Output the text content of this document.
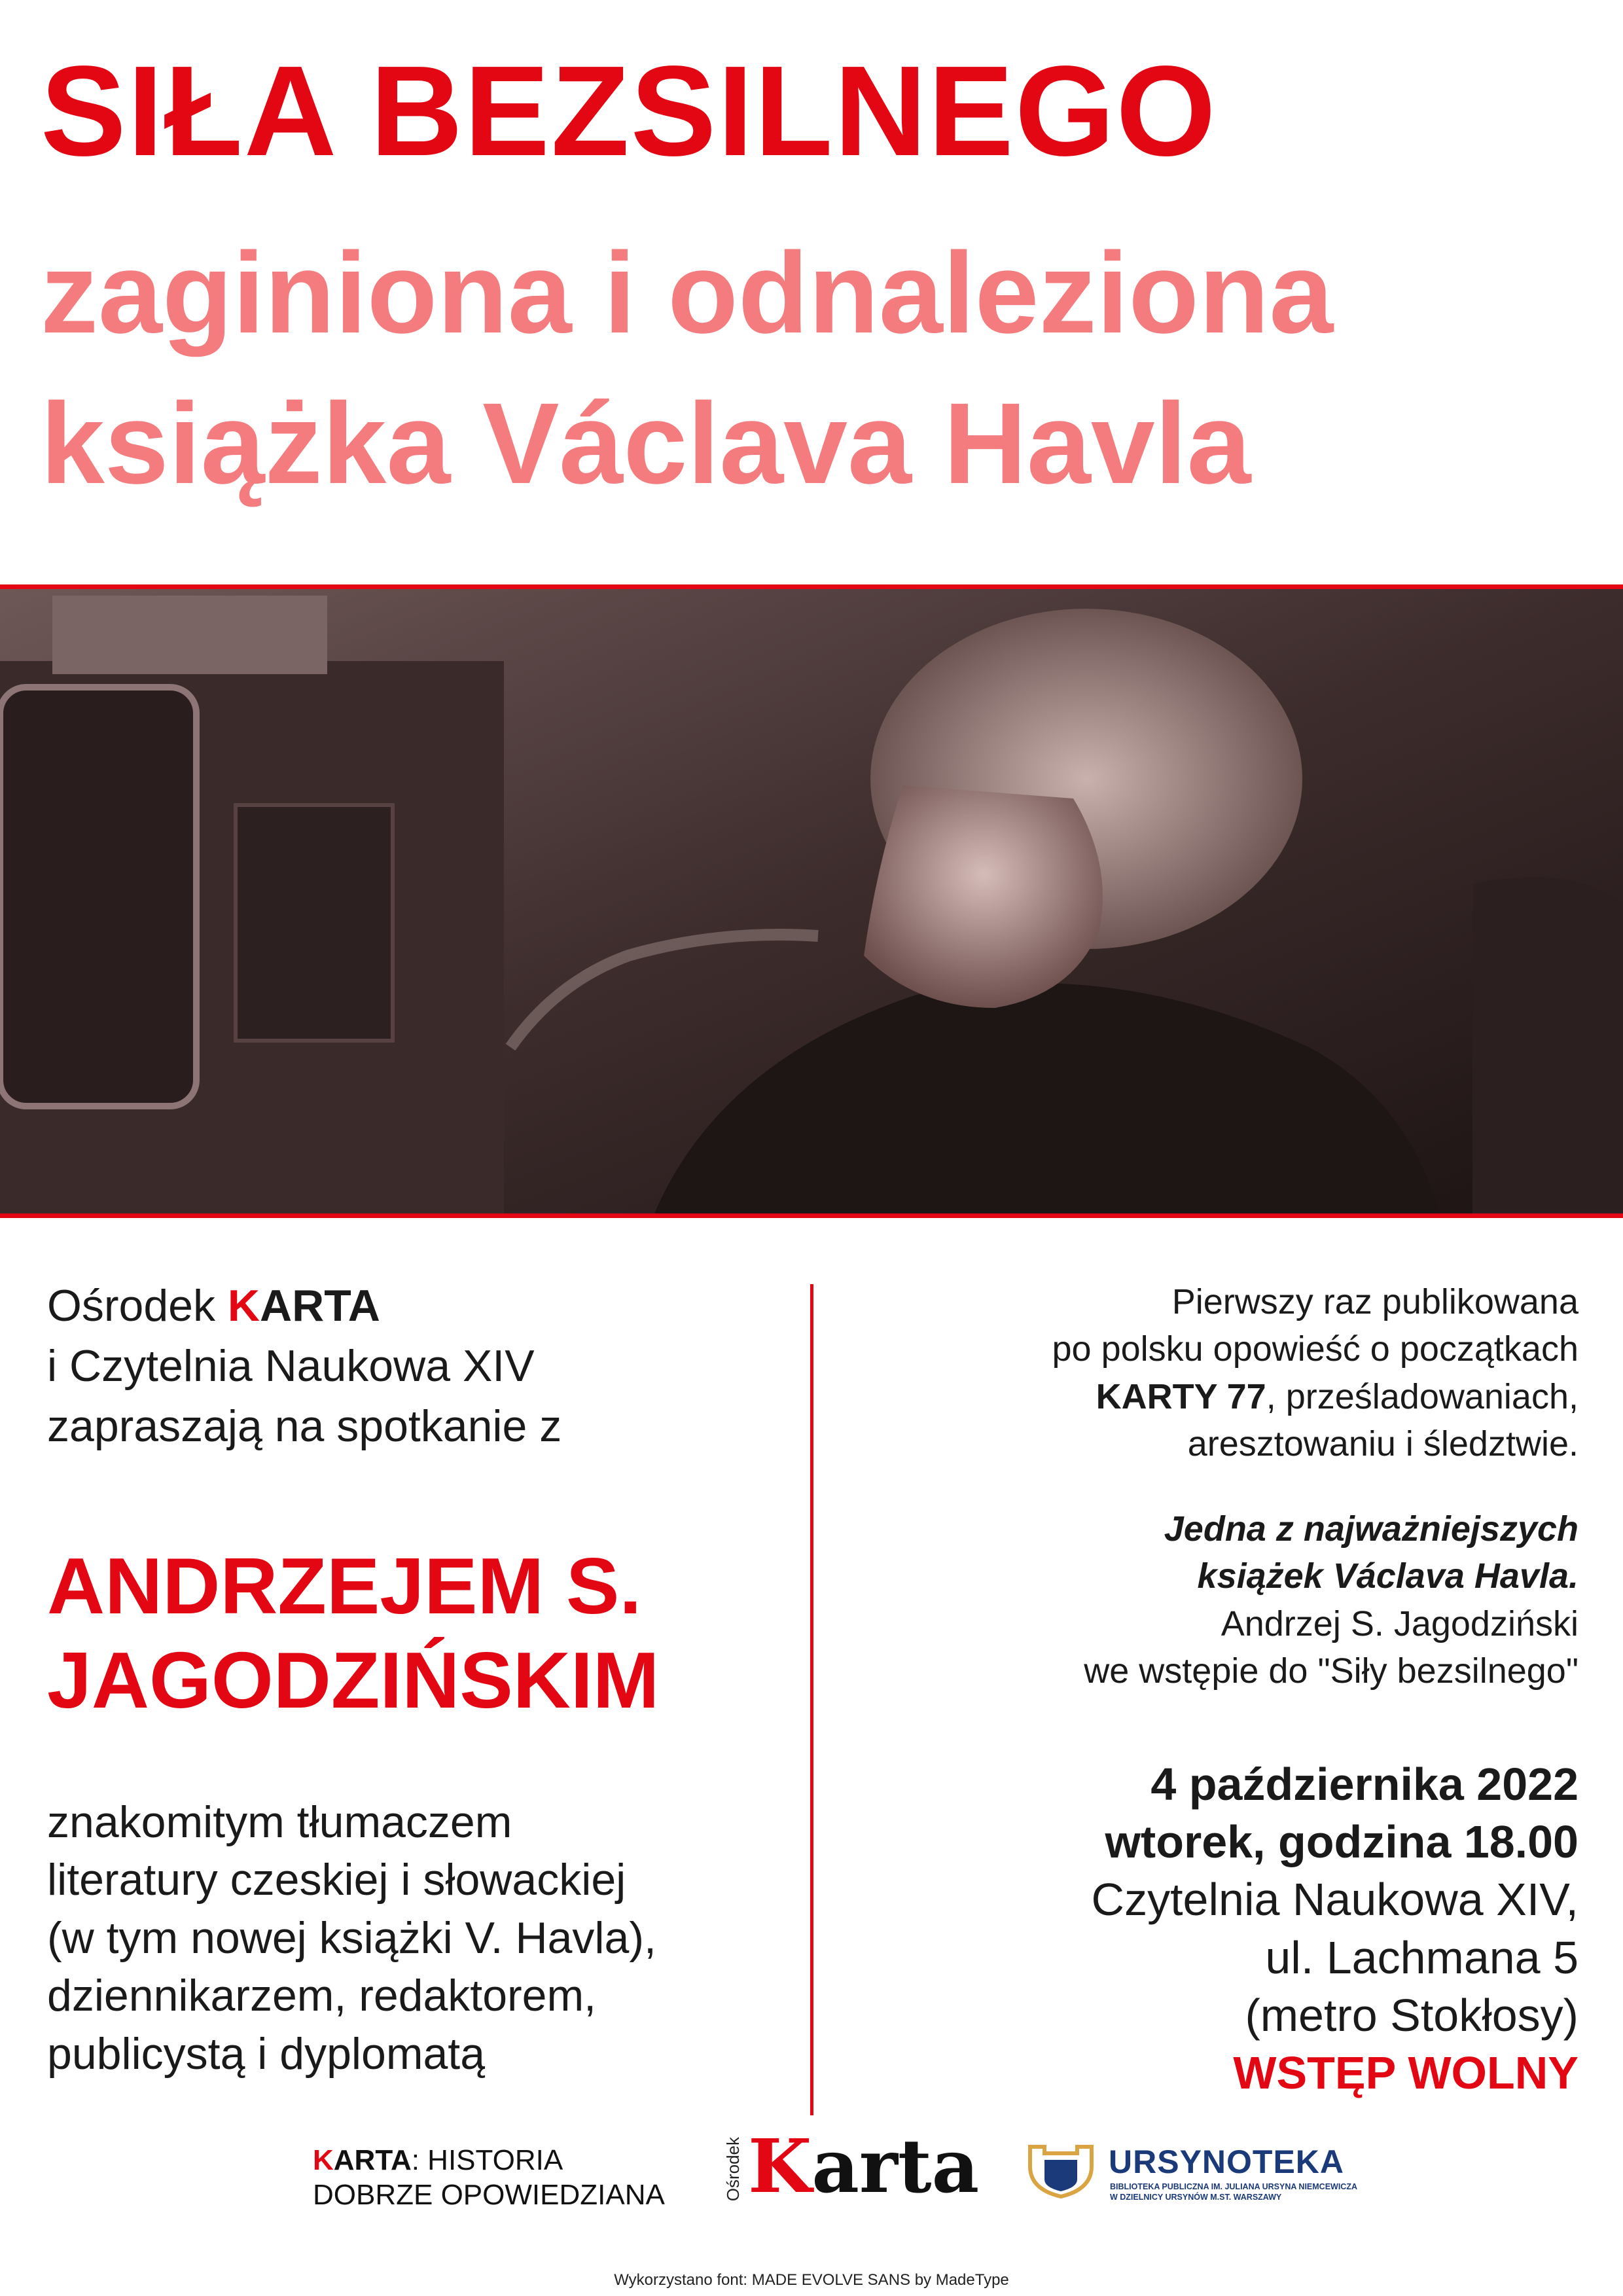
SIŁA BEZSILNEGO
zaginiona i odnaleziona
książka Václava Havla
Ośrodek KARTA
i Czytelnia Naukowa XIV
zapraszają na spotkanie z
ANDRZEJEM S.
JAGODZIŃSKIM
znakomitym tłumaczem
literatury czeskiej i słowackiej
(w tym nowej książki V. Havla),
dziennikarzem, redaktorem,
publicystą i dyplomatą
Pierwszy raz publikowana
po polsku opowieść o początkach
KARTY 77, prześladowaniach,
aresztowaniu i śledztwie.
Jedna z najważniejszych
książek Václava Havla.
Andrzej S. Jagodziński
we wstępie do "Siły bezsilnego"
4 października 2022
wtorek, godzina 18.00
Czytelnia Naukowa XIV,
ul. Lachmana 5
(metro Stokłosy)
WSTĘP WOLNY
KARTA: HISTORIA
DOBRZE OPOWIEDZIANA	Ośrodek Karta	URSYNOTEKA
BIBLIOTEKA PUBLICZNA IM. JULIANA URSYNA NIEMCEWICZA
W DZIELNICY URSYNÓW M.ST. WARSZAWY
Wykorzystano font: MADE EVOLVE SANS by MadeType
